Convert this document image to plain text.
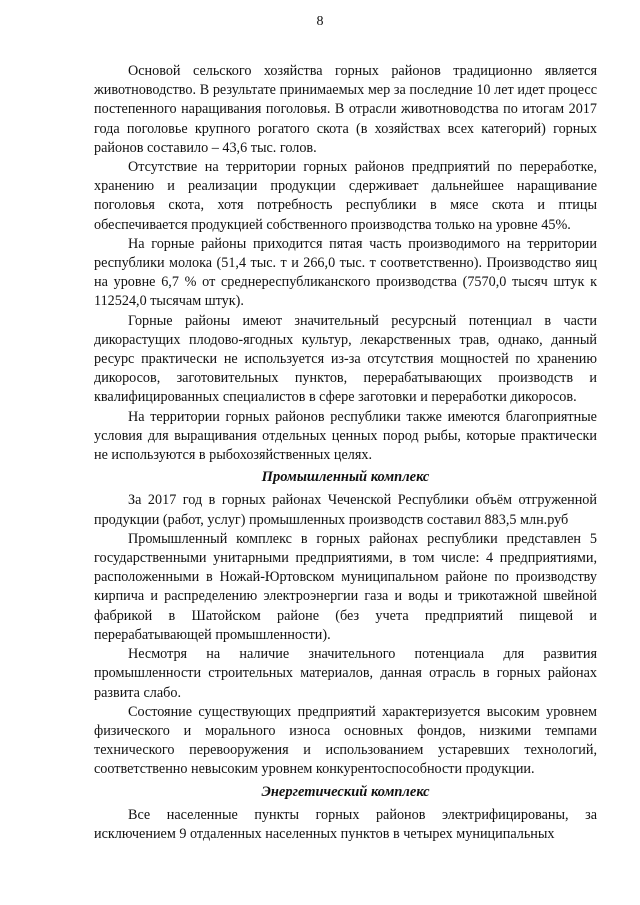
8

Основой сельского хозяйства горных районов традиционно является животноводство. В результате принимаемых мер за последние 10 лет идет процесс постепенного наращивания поголовья. В отрасли животноводства по итогам 2017 года поголовье крупного рогатого скота (в хозяйствах всех категорий) горных районов составило – 43,6 тыс. голов.

Отсутствие на территории горных районов предприятий по переработке, хранению и реализации продукции сдерживает дальнейшее наращивание поголовья скота, хотя потребность республики в мясе скота и птицы обеспечивается продукцией собственного производства только на уровне 45%.

На горные районы приходится пятая часть производимого на территории республики молока (51,4 тыс. т и 266,0 тыс. т соответственно). Производство яиц на уровне 6,7 % от среднереспубликанского производства (7570,0 тысяч штук к 112524,0 тысячам штук).

Горные районы имеют значительный ресурсный потенциал в части дикорастущих плодово-ягодных культур, лекарственных трав, однако, данный ресурс практически не используется из-за отсутствия мощностей по хранению дикоросов, заготовительных пунктов, перерабатывающих производств и квалифицированных специалистов в сфере заготовки и переработки дикоросов.

На территории горных районов республики также имеются благоприятные условия для выращивания отдельных ценных пород рыбы, которые практически не используются в рыбохозяйственных целях.

Промышленный комплекс

За 2017 год в горных районах Чеченской Республики объём отгруженной продукции (работ, услуг) промышленных производств составил 883,5 млн.руб

Промышленный комплекс в горных районах республики представлен 5 государственными унитарными предприятиями, в том числе: 4 предприятиями, расположенными в Ножай-Юртовском муниципальном районе по производству кирпича и распределению электроэнергии газа и воды и трикотажной швейной фабрикой в Шатойском районе (без учета предприятий пищевой и перерабатывающей промышленности).

Несмотря на наличие значительного потенциала для развития промышленности строительных материалов, данная отрасль в горных районах развита слабо.

Состояние существующих предприятий характеризуется высоким уровнем физического и морального износа основных фондов, низкими темпами технического перевооружения и использованием устаревших технологий, соответственно невысоким уровнем конкурентоспособности продукции.

Энергетический комплекс

Все населенные пункты горных районов электрифицированы, за исключением 9 отдаленных населенных пунктов в четырех муниципальных
